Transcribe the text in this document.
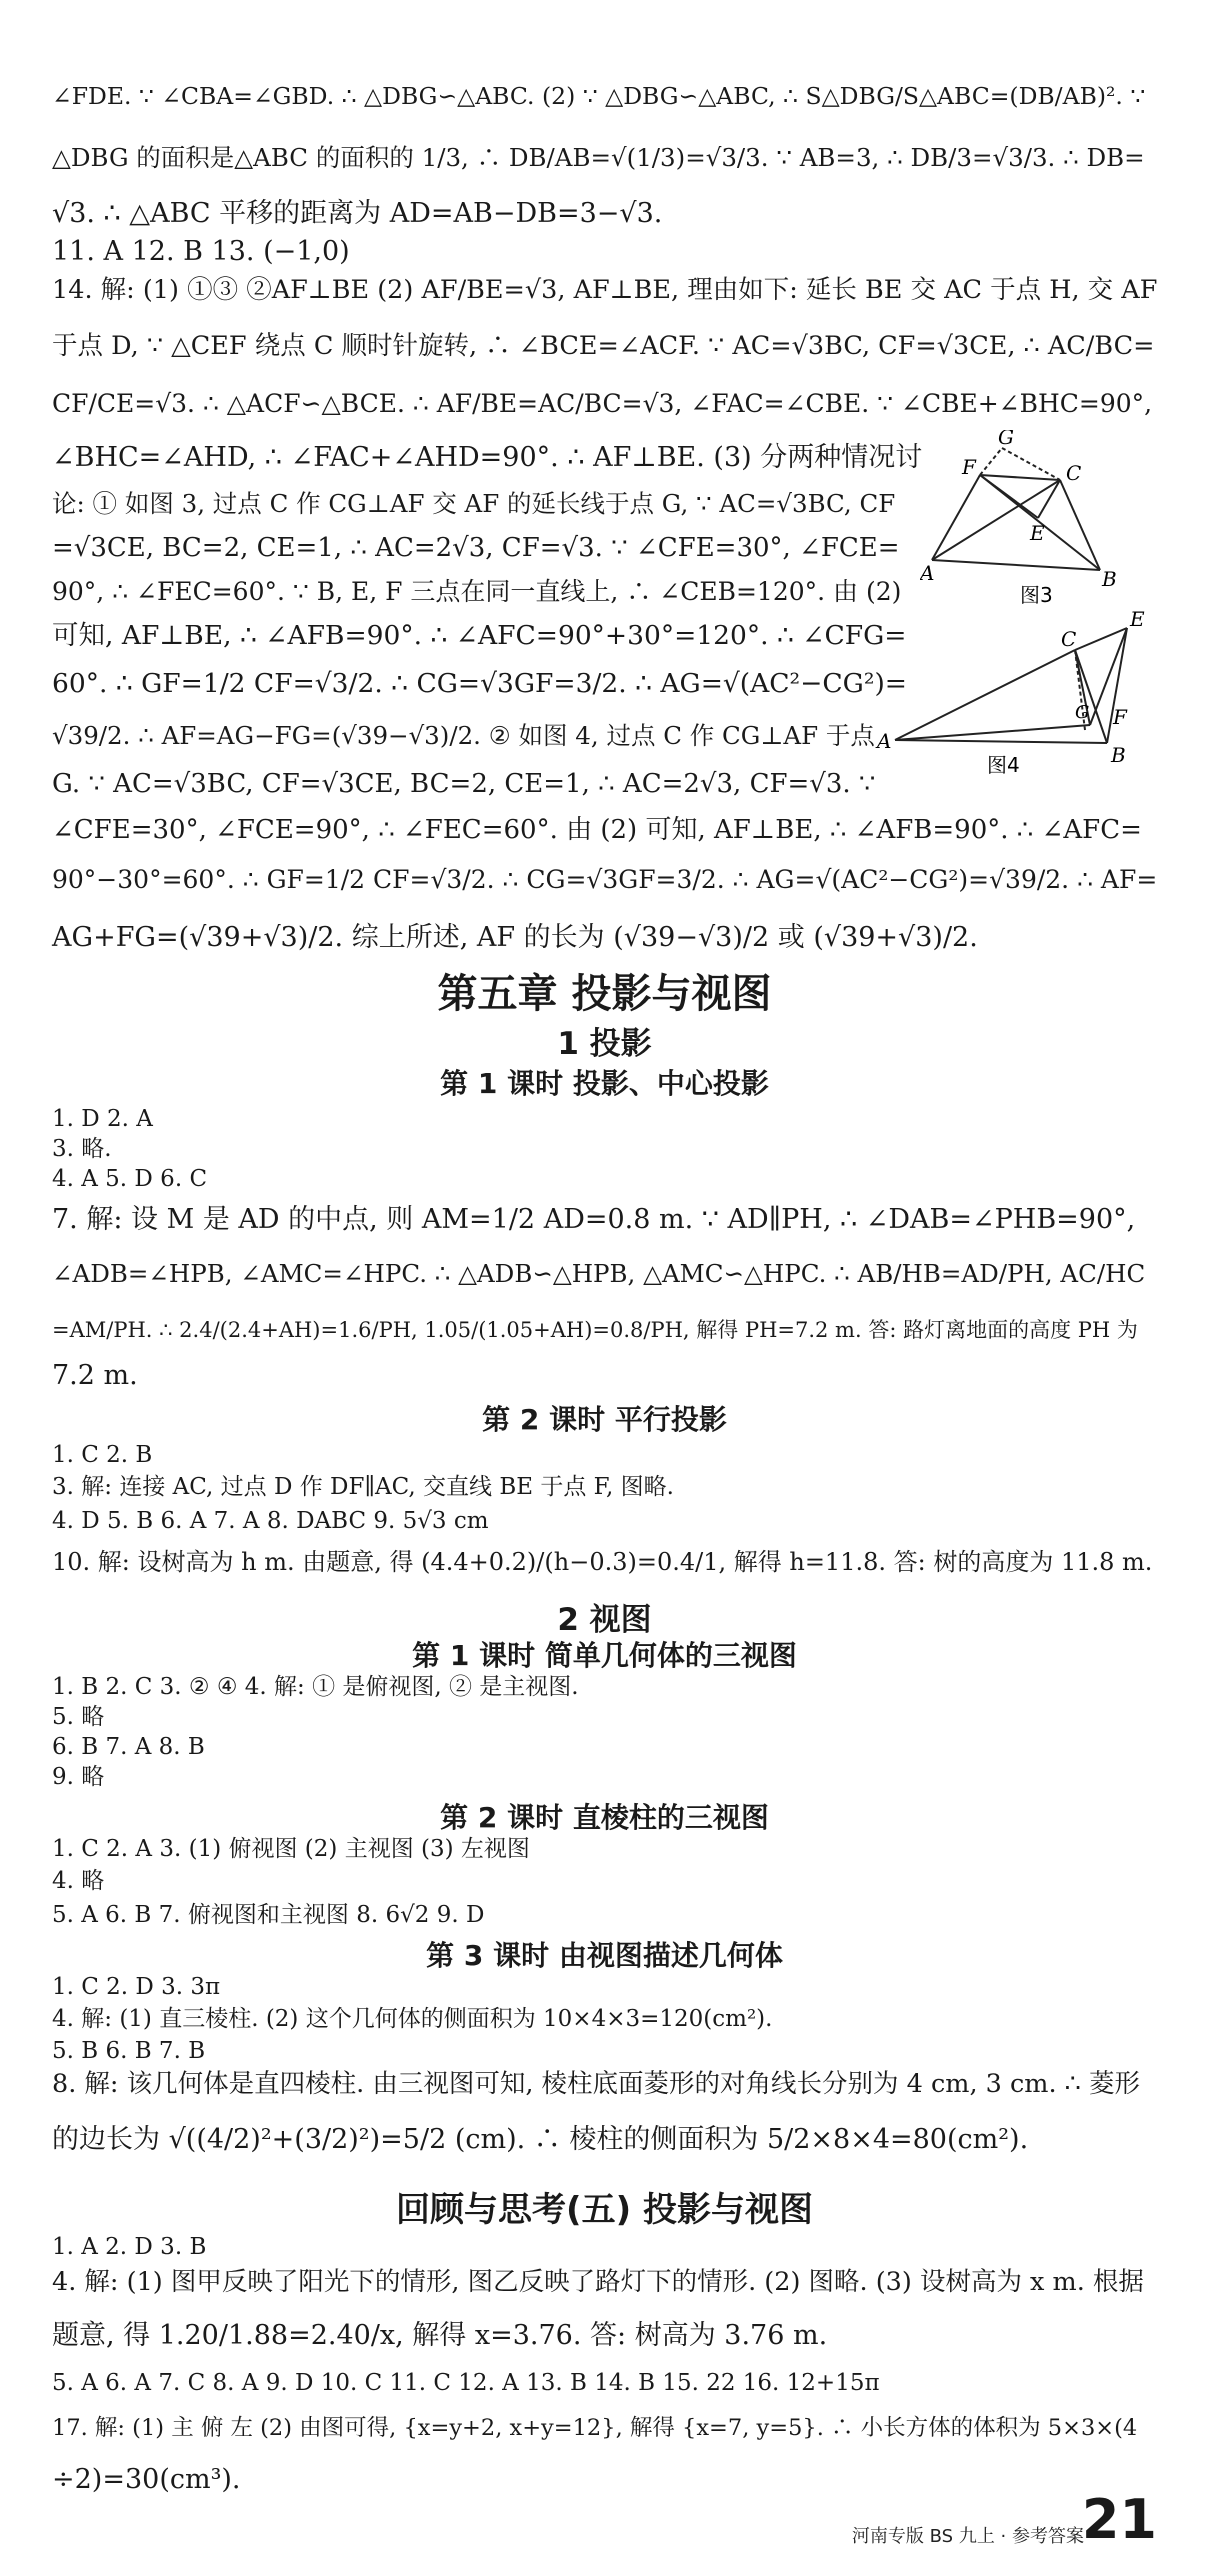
∠FDE. ∵ ∠CBA=∠GBD. ∴ △DBG∽△ABC. (2) ∵ △DBG∽△ABC, ∴ S△DBG/S△ABC=(DB/AB)². ∵
△DBG 的面积是△ABC 的面积的 1/3, ∴ DB/AB=√(1/3)=√3/3. ∵ AB=3, ∴ DB/3=√3/3. ∴ DB=
√3. ∴ △ABC 平移的距离为 AD=AB−DB=3−√3.
11. A 12. B 13. (−1,0)
14. 解: (1) ①③ ②AF⊥BE (2) AF/BE=√3, AF⊥BE, 理由如下: 延长 BE 交 AC 于点 H, 交 AF
于点 D, ∵ △CEF 绕点 C 顺时针旋转, ∴ ∠BCE=∠ACF. ∵ AC=√3BC, CF=√3CE, ∴ AC/BC=
CF/CE=√3. ∴ △ACF∽△BCE. ∴ AF/BE=AC/BC=√3, ∠FAC=∠CBE. ∵ ∠CBE+∠BHC=90°,
∠BHC=∠AHD, ∴ ∠FAC+∠AHD=90°. ∴ AF⊥BE. (3) 分两种情况讨
论: ① 如图 3, 过点 C 作 CG⊥AF 交 AF 的延长线于点 G, ∵ AC=√3BC, CF
=√3CE, BC=2, CE=1, ∴ AC=2√3, CF=√3. ∵ ∠CFE=30°, ∠FCE=
90°, ∴ ∠FEC=60°. ∵ B, E, F 三点在同一直线上, ∴ ∠CEB=120°. 由 (2)
可知, AF⊥BE, ∴ ∠AFB=90°. ∴ ∠AFC=90°+30°=120°. ∴ ∠CFG=
60°. ∴ GF=1/2 CF=√3/2. ∴ CG=√3GF=3/2. ∴ AG=√(AC²−CG²)=
√39/2. ∴ AF=AG−FG=(√39−√3)/2. ② 如图 4, 过点 C 作 CG⊥AF 于点
G. ∵ AC=√3BC, CF=√3CE, BC=2, CE=1, ∴ AC=2√3, CF=√3. ∵
∠CFE=30°, ∠FCE=90°, ∴ ∠FEC=60°. 由 (2) 可知, AF⊥BE, ∴ ∠AFB=90°. ∴ ∠AFC=
90°−30°=60°. ∴ GF=1/2 CF=√3/2. ∴ CG=√3GF=3/2. ∴ AG=√(AC²−CG²)=√39/2. ∴ AF=
AG+FG=(√39+√3)/2. 综上所述, AF 的长为 (√39−√3)/2 或 (√39+√3)/2.
G
F	C
E
A	B
图3
C
E
G F
A
B
图4
第五章 投影与视图
1 投影
第 1 课时 投影、中心投影
1. D 2. A
3. 略.
4. A 5. D 6. C
7. 解: 设 M 是 AD 的中点, 则 AM=1/2 AD=0.8 m. ∵ AD∥PH, ∴ ∠DAB=∠PHB=90°,
∠ADB=∠HPB, ∠AMC=∠HPC. ∴ △ADB∽△HPB, △AMC∽△HPC. ∴ AB/HB=AD/PH, AC/HC
=AM/PH. ∴ 2.4/(2.4+AH)=1.6/PH, 1.05/(1.05+AH)=0.8/PH, 解得 PH=7.2 m. 答: 路灯离地面的高度 PH 为
7.2 m.
第 2 课时 平行投影
1. C 2. B
3. 解: 连接 AC, 过点 D 作 DF∥AC, 交直线 BE 于点 F, 图略.
4. D 5. B 6. A 7. A 8. DABC 9. 5√3 cm
10. 解: 设树高为 h m. 由题意, 得 (4.4+0.2)/(h−0.3)=0.4/1, 解得 h=11.8. 答: 树的高度为 11.8 m.
2 视图
第 1 课时 简单几何体的三视图
1. B 2. C 3. ② ④ 4. 解: ① 是俯视图, ② 是主视图.
5. 略
6. B 7. A 8. B
9. 略
第 2 课时 直棱柱的三视图
1. C 2. A 3. (1) 俯视图 (2) 主视图 (3) 左视图
4. 略
5. A 6. B 7. 俯视图和主视图 8. 6√2 9. D
第 3 课时 由视图描述几何体
1. C 2. D 3. 3π
4. 解: (1) 直三棱柱. (2) 这个几何体的侧面积为 10×4×3=120(cm²).
5. B 6. B 7. B
8. 解: 该几何体是直四棱柱. 由三视图可知, 棱柱底面菱形的对角线长分别为 4 cm, 3 cm. ∴ 菱形
的边长为 √((4/2)²+(3/2)²)=5/2 (cm). ∴ 棱柱的侧面积为 5/2×8×4=80(cm²).
回顾与思考(五) 投影与视图
1. A 2. D 3. B
4. 解: (1) 图甲反映了阳光下的情形, 图乙反映了路灯下的情形. (2) 图略. (3) 设树高为 x m. 根据
题意, 得 1.20/1.88=2.40/x, 解得 x=3.76. 答: 树高为 3.76 m.
5. A 6. A 7. C 8. A 9. D 10. C 11. C 12. A 13. B 14. B 15. 22 16. 12+15π
17. 解: (1) 主 俯 左 (2) 由图可得, {x=y+2, x+y=12}, 解得 {x=7, y=5}. ∴ 小长方体的体积为 5×3×(4
÷2)=30(cm³).
河南专版 BS 九上 · 参考答案
21
